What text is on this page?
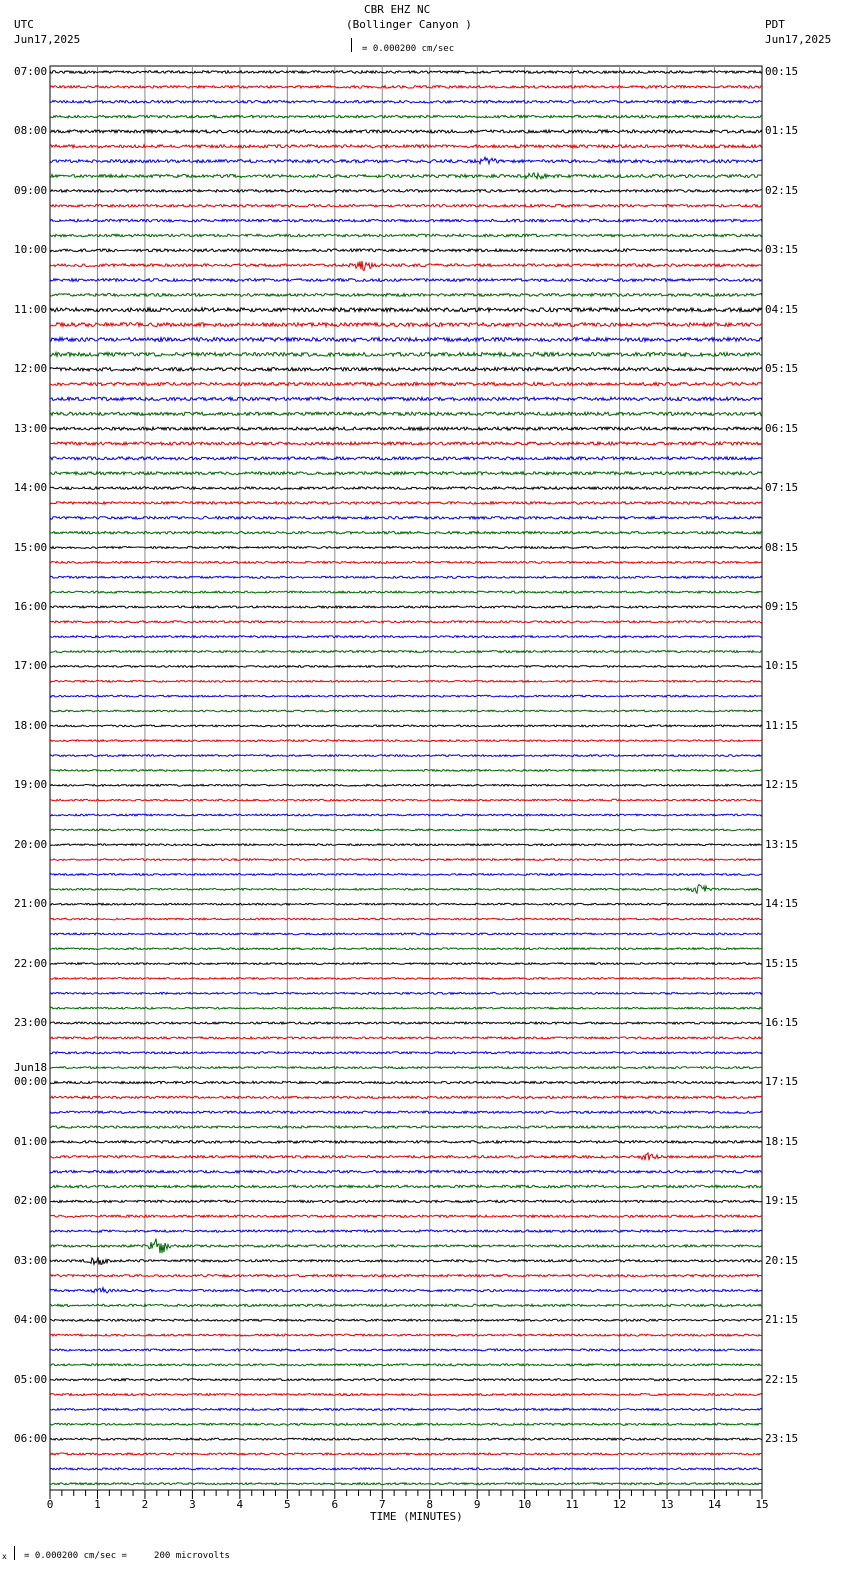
CBR EHZ NC
(Bollinger Canyon )
UTC
Jun17,2025
PDT
Jun17,2025
= 0.000200 cm/sec
0	1	2	3	4	5	6	7	8	9	10	11	12	13	14	15
TIME (MINUTES)
x = 0.000200 cm/sec =     200 microvolts
07:00
08:00
09:00
10:00
11:00
12:00
13:00
14:00
15:00
16:00
17:00
18:00
19:00
20:00
21:00
22:00
23:00
00:00
01:00
02:00
03:00
04:00
05:00
06:00
00:15
01:15
02:15
03:15
04:15
05:15
06:15
07:15
08:15
09:15
10:15
11:15
12:15
13:15
14:15
15:15
16:15
17:15
18:15
19:15
20:15
21:15
22:15
23:15
Jun18
